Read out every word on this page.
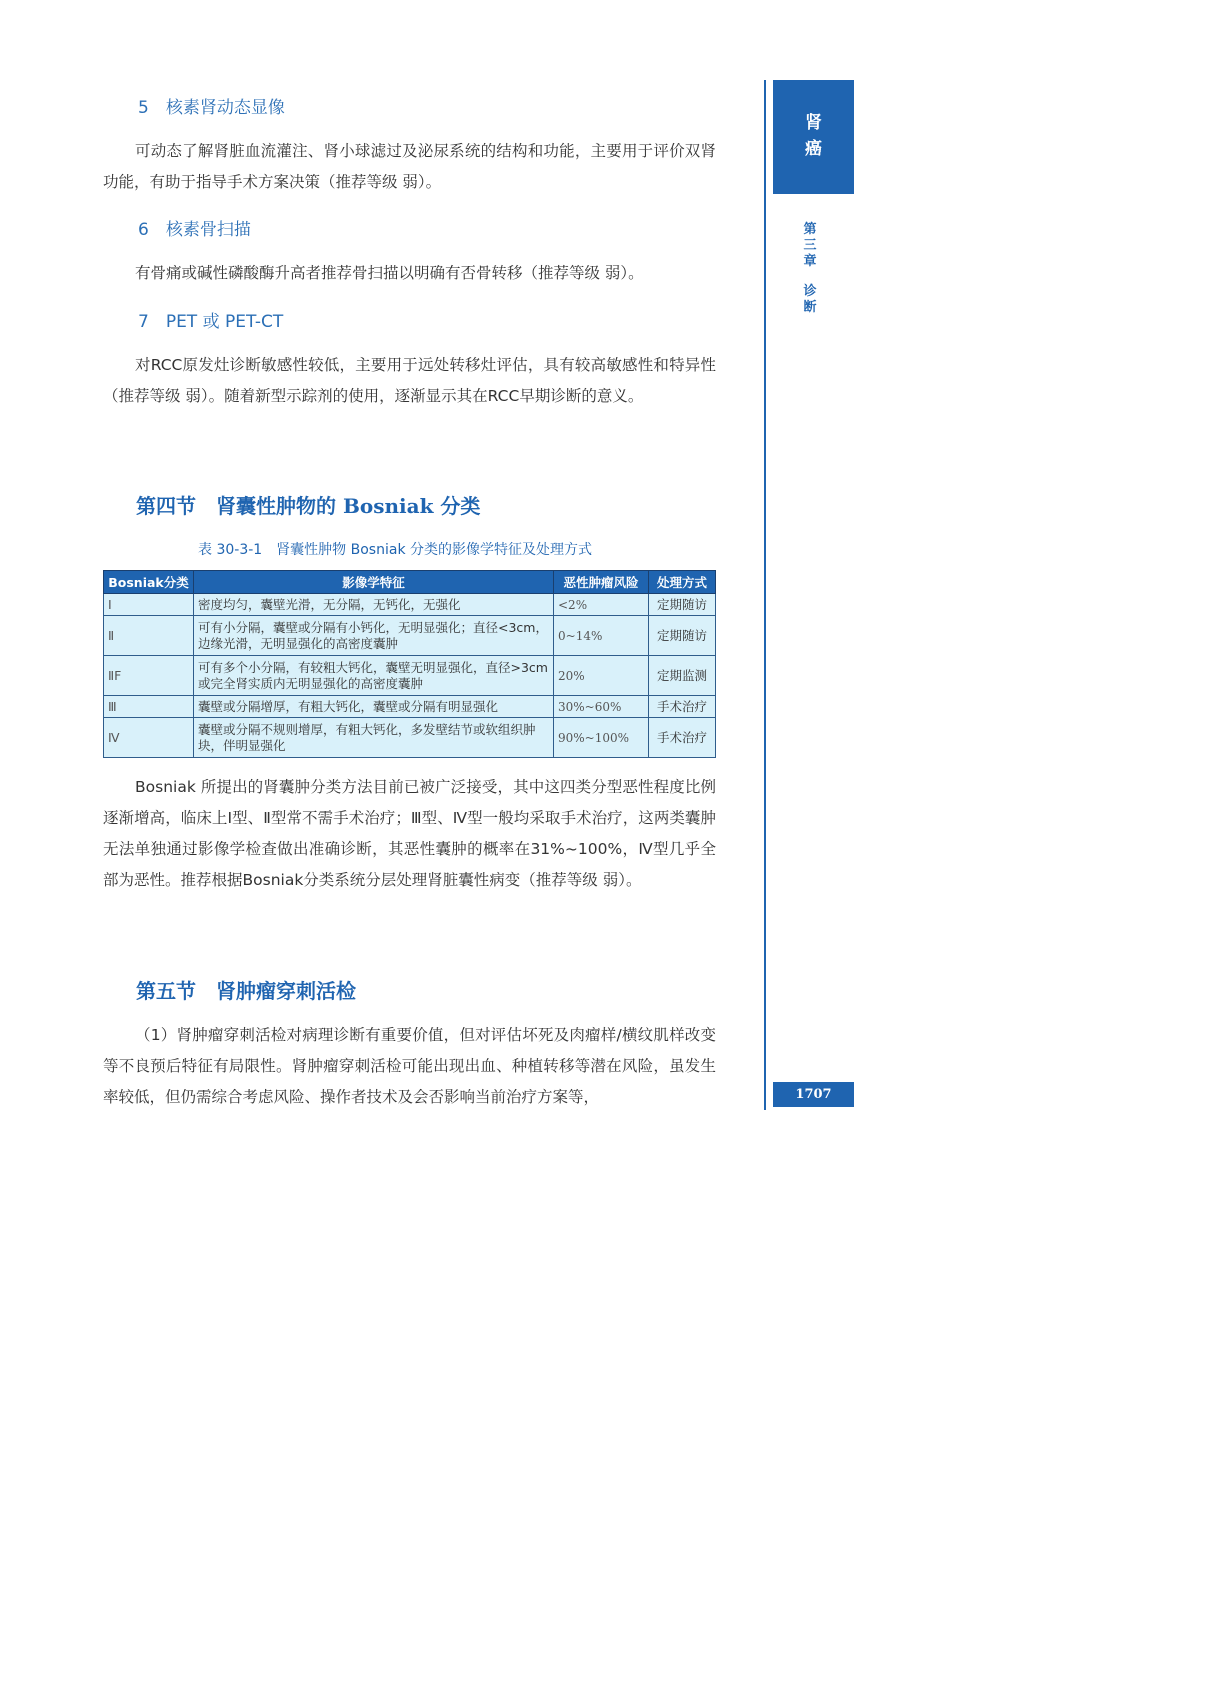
5　核素肾动态显像
可动态了解肾脏血流灌注、肾小球滤过及泌尿系统的结构和功能，主要用于评价双肾功能，有助于指导手术方案决策（推荐等级 弱）。
6　核素骨扫描
有骨痛或碱性磷酸酶升高者推荐骨扫描以明确有否骨转移（推荐等级 弱）。
7　PET 或 PET-CT
对RCC原发灶诊断敏感性较低，主要用于远处转移灶评估，具有较高敏感性和特异性（推荐等级 弱）。随着新型示踪剂的使用，逐渐显示其在RCC早期诊断的意义。
第四节　肾囊性肿物的 Bosniak 分类
表 30-3-1　肾囊性肿物 Bosniak 分类的影像学特征及处理方式
Bosniak分类	影像学特征	恶性肿瘤风险	处理方式
Ⅰ	密度均匀，囊壁光滑，无分隔，无钙化，无强化	<2%	定期随访
Ⅱ	可有小分隔，囊壁或分隔有小钙化，无明显强化；直径<3cm，边缘光滑，无明显强化的高密度囊肿	0~14%	定期随访
ⅡF	可有多个小分隔，有较粗大钙化，囊壁无明显强化，直径>3cm或完全肾实质内无明显强化的高密度囊肿	20%	定期监测
Ⅲ	囊壁或分隔增厚，有粗大钙化，囊壁或分隔有明显强化	30%~60%	手术治疗
Ⅳ	囊壁或分隔不规则增厚，有粗大钙化，多发壁结节或软组织肿块，伴明显强化	90%~100%	手术治疗
Bosniak 所提出的肾囊肿分类方法目前已被广泛接受，其中这四类分型恶性程度比例逐渐增高，临床上Ⅰ型、Ⅱ型常不需手术治疗；Ⅲ型、Ⅳ型一般均采取手术治疗，这两类囊肿无法单独通过影像学检查做出准确诊断，其恶性囊肿的概率在31%~100%，Ⅳ型几乎全部为恶性。推荐根据Bosniak分类系统分层处理肾脏囊性病变（推荐等级 弱）。
第五节　肾肿瘤穿刺活检
（1）肾肿瘤穿刺活检对病理诊断有重要价值，但对评估坏死及肉瘤样/横纹肌样改变等不良预后特征有局限性。肾肿瘤穿刺活检可能出现出血、种植转移等潜在风险，虽发生率较低，但仍需综合考虑风险、操作者技术及会否影响当前治疗方案等，
肾
癌
第
三
章
诊
断
1707
